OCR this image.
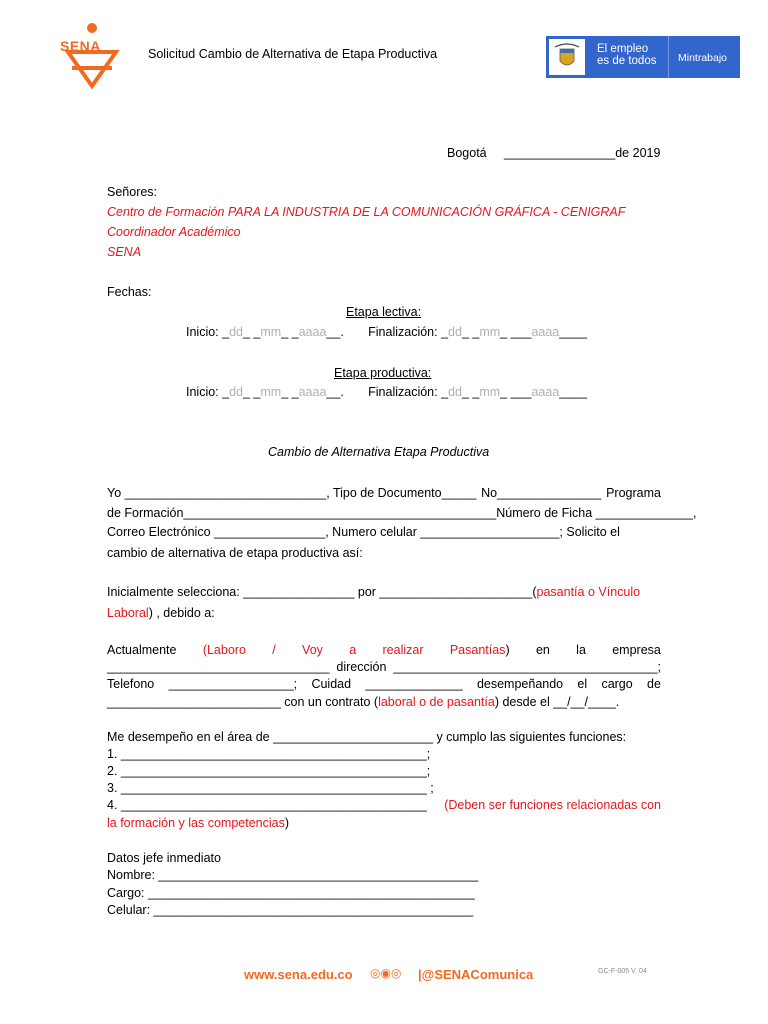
SENA	Solicitud Cambio de Alternativa de Etapa Productiva	El empleo
es de todos Mintrabajo
Bogotá ________________de 2019
Señores:
Centro de Formación PARA LA INDUSTRIA DE LA COMUNICACIÓN GRÁFICA - CENIGRAF
Coordinador Académico
SENA
Fechas:
Etapa lectiva:
Inicio: _dd_ _mm_ _aaaa__. Finalización: _dd_ _mm_ ___aaaa____
Etapa productiva:
Inicio: _dd_ _mm_ _aaaa__. Finalización: _dd_ _mm_ ___aaaa____
Cambio de Alternativa Etapa Productiva
Yo _____________________________, Tipo de Documento_____ No_______________ Programa
de Formación_____________________________________________ Número de Ficha ______________,
Correo Electrónico ________________, Numero celular ____________________; Solicito el
cambio de alternativa de etapa productiva así:
Inicialmente selecciona: ________________ por ______________________(pasantía o Vínculo
Laboral) , debido a:
Actualmente (Laboro / Voy a realizar Pasantías) en la empresa
________________________________ dirección ______________________________________;
Telefono __________________; Cuidad ______________ desempeñando el cargo de
_________________________ con un contrato (laboral o de pasantía) desde el __/__/____.
Me desempeño en el área de _______________________ y cumplo las siguientes funciones:
1. ____________________________________________;
2. ____________________________________________;
3. ____________________________________________ ;
4. ____________________________________________ (Deben ser funciones relacionadas con
la formación y las competencias)
Datos jefe inmediato
Nombre: ______________________________________________
Cargo: _______________________________________________
Celular: ______________________________________________
www.sena.edu.co ◎◉◎ |@SENAComunica	GC-F-005 V. 04
